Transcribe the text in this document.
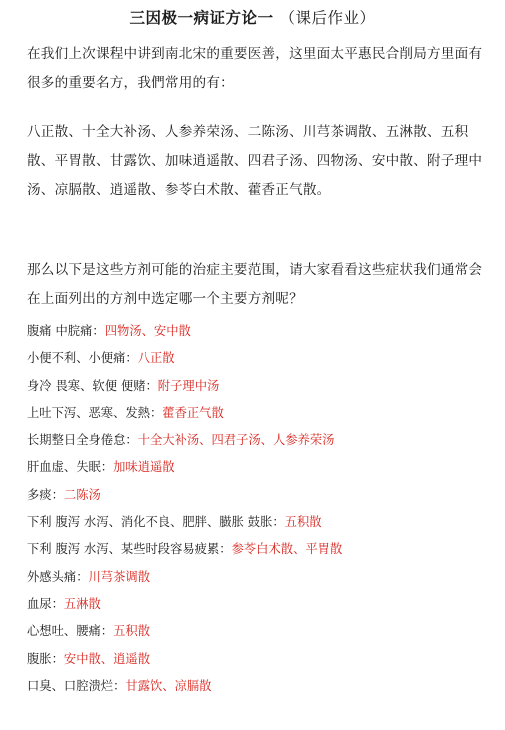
三因极一病证方论一 （课后作业）

在我们上次课程中讲到南北宋的重要医善，这里面太平惠民合削局方里面有很多的重要名方，我們常用的有：

八正散、十全大补汤、人参养荣汤、二陈汤、川芎茶调散、五淋散、五积散、平胃散、甘露饮、加味逍遥散、四君子汤、四物汤、安中散、附子理中汤、凉膈散、逍遥散、参苓白术散、藿香正气散。

那么以下是这些方剂可能的治症主要范围，请大家看看这些症状我们通常会在上面列出的方剂中选定哪一个主要方剂呢？

腹痛 中脘痛：四物汤、安中散
小便不利、小便痛：八正散
身冷 畏寒、软便 便赌：附子理中汤
上吐下泻、恶寒、发熱：藿香正气散
长期整日全身倦怠：十全大补汤、四君子汤、人参养荣汤
肝血虚、失眠：加味逍遥散
多痰：二陈汤
下利 腹泻 水泻、消化不良、肥胖、臌胀 鼓胀：五积散
下利 腹泻 水泻、某些时段容易疲累：参苓白术散、平胃散
外感头痛：川芎茶调散
血尿：五淋散
心想吐、腰痛：五积散
腹胀：安中散、逍遥散
口臭、口腔溃烂：甘露饮、凉膈散
